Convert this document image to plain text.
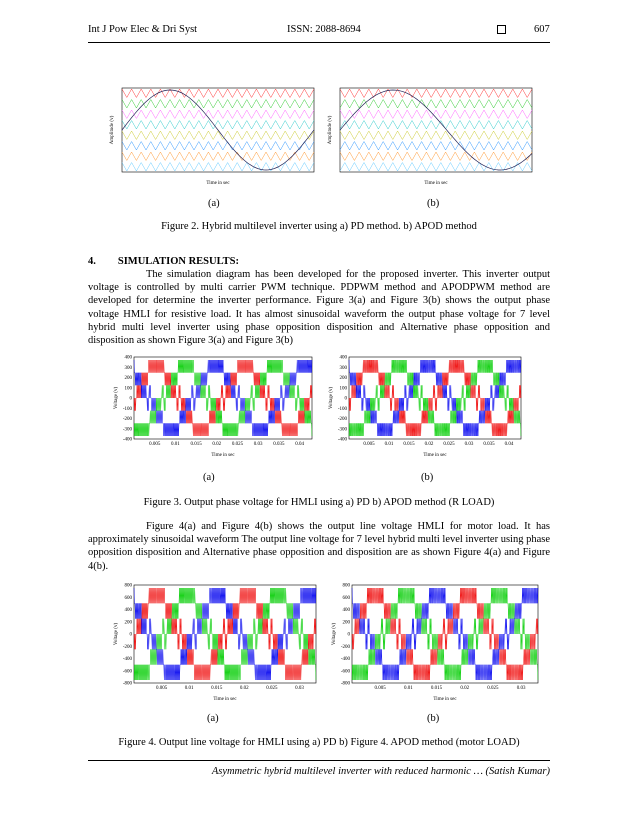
Int J Pow Elec & Dri Syst	ISSN: 2088-8694	607
Time in sec
Amplitude (v)
Time in sec
Amplitude (v)
(a)	(b)
Figure 2. Hybrid multilevel inverter using a) PD method. b) APOD method
4. SIMULATION RESULTS:

The simulation diagram has been developed for the proposed inverter. This inverter output voltage is controlled by multi carrier PWM technique. PDPWM method and APODPWM method are developed for determine the inverter performance. Figure 3(a) and Figure 3(b) shows the output phase voltage HMLI for resistive load. It has almost sinusoidal waveform the output phase voltage for 7 level hybrid multi level inverter using phase opposition disposition and Alternative phase opposition and disposition as shown Figure 3(a) and Figure 3(b)

400
300
200
100
0
-100
-200
-300
-400
0.005 0.01 0.015 0.02 0.025 0.03 0.035 0.04
Time in sec
Voltage (v)
400
300
200
100
0
-100
-200
-300
-400
0.005 0.01 0.015 0.02 0.025 0.03 0.035 0.04
Time in sec
Voltage (v)
(a)	(b)
Figure 3. Output phase voltage for HMLI using a) PD b) APOD method (R LOAD)

Figure 4(a) and Figure 4(b) shows the output line voltage HMLI for motor load. It has approximately sinusoidal waveform The output line voltage for 7 level hybrid multi level inverter using phase opposition disposition and Alternative phase opposition and disposition are as shown Figure 4(a) and Figure 4(b).

800
600
400
200
0
-200
-400
-600
-800
0.005	0.01	0.015	0.02	0.025	0.03
Time in sec
Voltage (v)
800
600
400
200
0
-200
-400
-600
-800
0.005	0.01	0.015	0.02	0.025	0.03
Time in sec
Voltage (v)
(a)	(b)
Figure 4. Output line voltage for HMLI using a) PD b) Figure 4. APOD method (motor LOAD)
Asymmetric hybrid multilevel inverter with reduced harmonic … (Satish Kumar)
